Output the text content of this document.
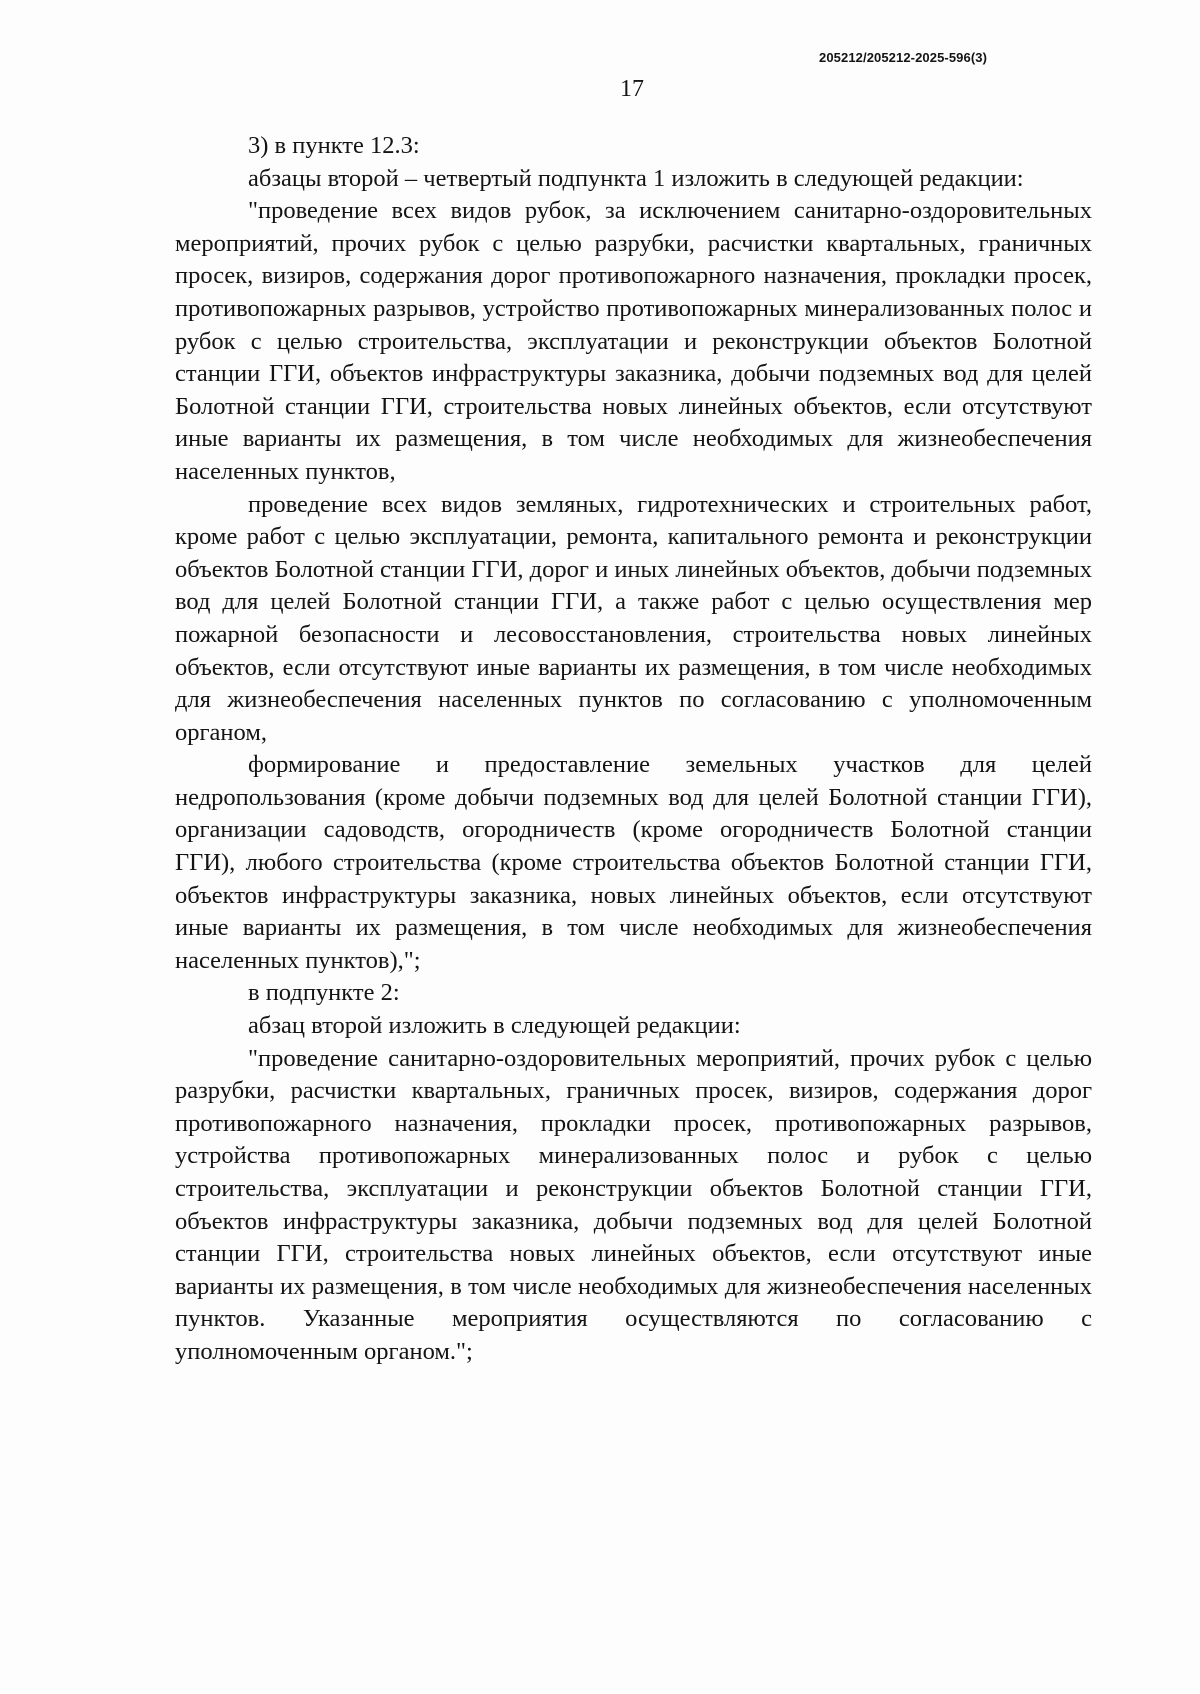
205212/205212-2025-596(3)
17

3) в пункте 12.3:

абзацы второй – четвертый подпункта 1 изложить в следующей редакции:

"проведение всех видов рубок, за исключением санитарно-оздоровительных мероприятий, прочих рубок с целью разрубки, расчистки квартальных, граничных просек, визиров, содержания дорог противопожарного назначения, прокладки просек, противопожарных разрывов, устройство противопожарных минерализованных полос и рубок с целью строительства, эксплуатации и реконструкции объектов Болотной станции ГГИ, объектов инфраструктуры заказника, добычи подземных вод для целей Болотной станции ГГИ, строительства новых линейных объектов, если отсутствуют иные варианты их размещения, в том числе необходимых для жизнеобеспечения населенных пунктов,

проведение всех видов земляных, гидротехнических и строительных работ, кроме работ с целью эксплуатации, ремонта, капитального ремонта и реконструкции объектов Болотной станции ГГИ, дорог и иных линейных объектов, добычи подземных вод для целей Болотной станции ГГИ, а также работ с целью осуществления мер пожарной безопасности и лесовосстановления, строительства новых линейных объектов, если отсутствуют иные варианты их размещения, в том числе необходимых для жизнеобеспечения населенных пунктов по согласованию с уполномоченным органом,

формирование и предоставление земельных участков для целей недропользования (кроме добычи подземных вод для целей Болотной станции ГГИ), организации садоводств, огородничеств (кроме огородничеств Болотной станции ГГИ), любого строительства (кроме строительства объектов Болотной станции ГГИ, объектов инфраструктуры заказника, новых линейных объектов, если отсутствуют иные варианты их размещения, в том числе необходимых для жизнеобеспечения населенных пунктов),";

в подпункте 2:

абзац второй изложить в следующей редакции:

"проведение санитарно-оздоровительных мероприятий, прочих рубок с целью разрубки, расчистки квартальных, граничных просек, визиров, содержания дорог противопожарного назначения, прокладки просек, противопожарных разрывов, устройства противопожарных минерализованных полос и рубок с целью строительства, эксплуатации и реконструкции объектов Болотной станции ГГИ, объектов инфраструктуры заказника, добычи подземных вод для целей Болотной станции ГГИ, строительства новых линейных объектов, если отсутствуют иные варианты их размещения, в том числе необходимых для жизнеобеспечения населенных пунктов. Указанные мероприятия осуществляются по согласованию с уполномоченным органом.";
